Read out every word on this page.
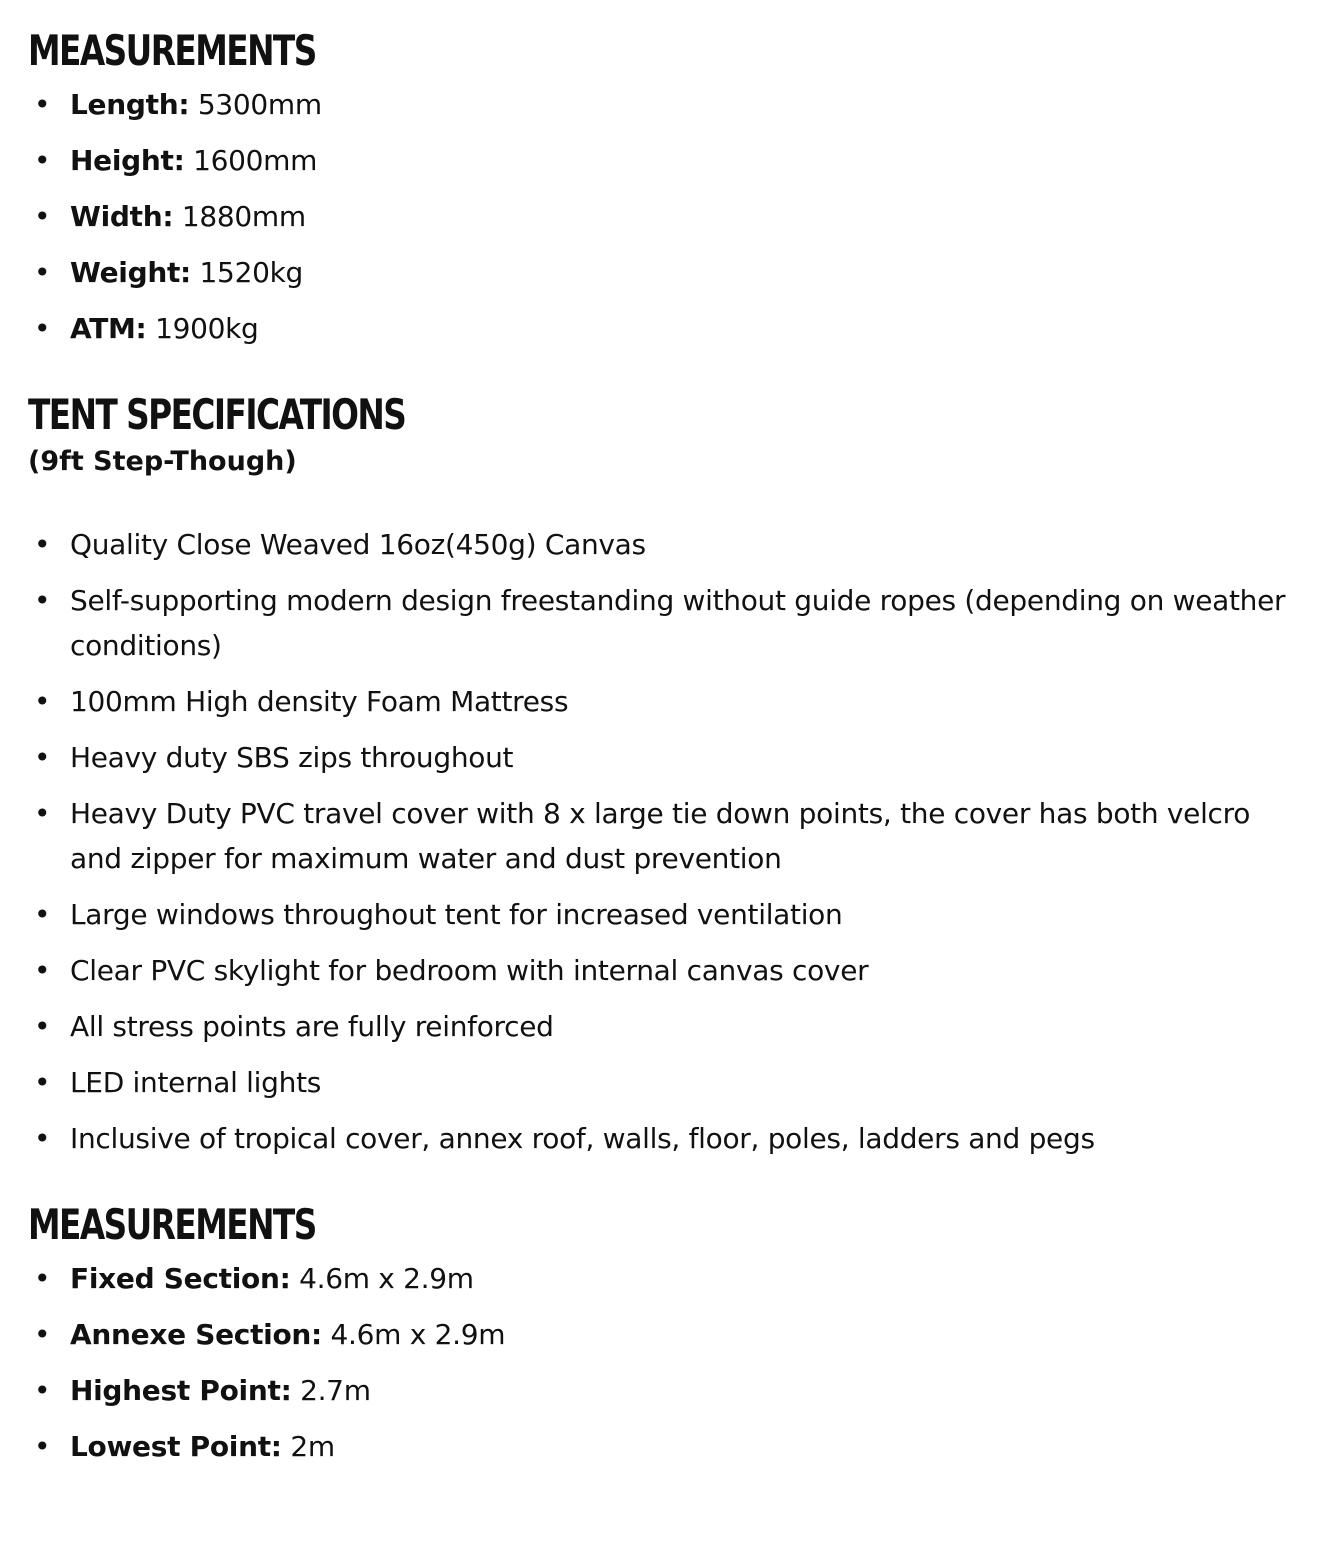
MEASUREMENTS
• Length: 5300mm
• Height: 1600mm
• Width: 1880mm
• Weight: 1520kg
• ATM: 1900kg
TENT SPECIFICATIONS
(9ft Step-Though)
• Quality Close Weaved 16oz(450g) Canvas
• Self-supporting modern design freestanding without guide ropes (depending on weather conditions)
• 100mm High density Foam Mattress
• Heavy duty SBS zips throughout
• Heavy Duty PVC travel cover with 8 x large tie down points, the cover has both velcro and zipper for maximum water and dust prevention
• Large windows throughout tent for increased ventilation
• Clear PVC skylight for bedroom with internal canvas cover
• All stress points are fully reinforced
• LED internal lights
• Inclusive of tropical cover, annex roof, walls, floor, poles, ladders and pegs
MEASUREMENTS
• Fixed Section: 4.6m x 2.9m
• Annexe Section: 4.6m x 2.9m
• Highest Point: 2.7m
• Lowest Point: 2m
